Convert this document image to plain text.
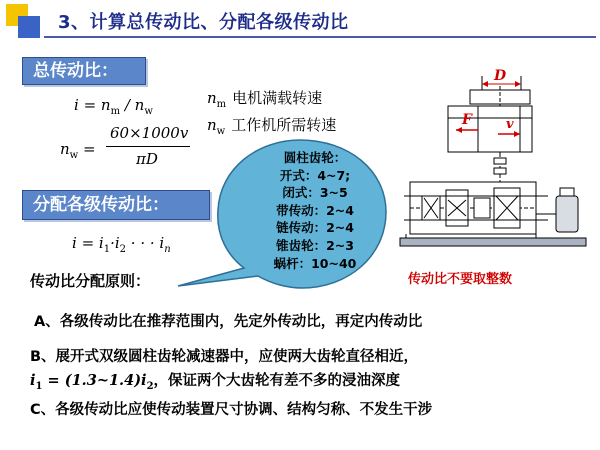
3、计算总传动比、分配各级传动比
总传动比：
$i = n_m / n_w$
$n_w$ =
60×1000v
πD
$n_m$ 电机满载转速
$n_w$ 工作机所需转速
分配各级传动比：
$i = i_1\cdot i_2$ · · · $i_n$
传动比分配原则：
D
F	v
圆柱齿轮：
开式：4~7;
闭式：3~5
带传动：2~4
链传动：2~4
锥齿轮：2~3
蜗杆：10~40
传动比不要取整数
A、各级传动比在推荐范围内，先定外传动比，再定内传动比
B、展开式双级圆柱齿轮减速器中，应使两大齿轮直径相近，
$i_1$ = $(1.3\sim 1.4)i_2$，保证两个大齿轮有差不多的浸油深度
C、各级传动比应使传动装置尺寸协调、结构匀称、不发生干涉
